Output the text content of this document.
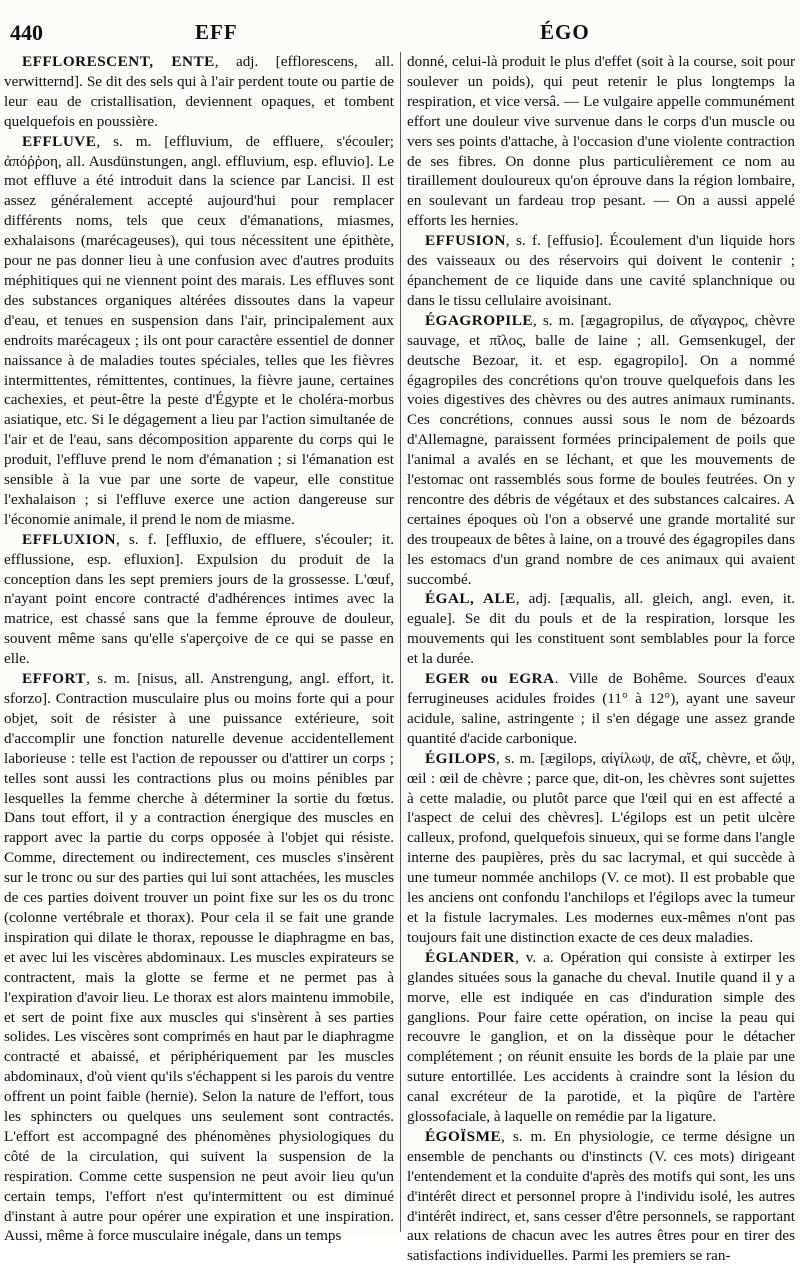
440	EFF	ÉGO

EFFLORESCENT, ENTE, adj. [efflorescens, all. verwitternd]. Se dit des sels qui à l'air perdent toute ou partie de leur eau de cristallisation, deviennent opaques, et tombent quelquefois en poussière.

EFFLUVE, s. m. [effluvium, de effluere, s'écouler; ἀπόῤῥοη, all. Ausdünstungen, angl. effluvium, esp. efluvio]. Le mot effluve a été introduit dans la science par Lancisi. Il est assez généralement accepté aujourd'hui pour remplacer différents noms, tels que ceux d'émanations, miasmes, exhalaisons (marécageuses), qui tous nécessitent une épithète, pour ne pas donner lieu à une confusion avec d'autres produits méphitiques qui ne viennent point des marais. Les effluves sont des substances organiques altérées dissoutes dans la vapeur d'eau, et tenues en suspension dans l'air, principalement aux endroits marécageux ; ils ont pour caractère essentiel de donner naissance à de maladies toutes spéciales, telles que les fièvres intermittentes, rémittentes, continues, la fièvre jaune, certaines cachexies, et peut-être la peste d'Égypte et le choléra-morbus asiatique, etc. Si le dégagement a lieu par l'action simultanée de l'air et de l'eau, sans décomposition apparente du corps qui le produit, l'effluve prend le nom d'émanation ; si l'émanation est sensible à la vue par une sorte de vapeur, elle constitue l'exhalaison ; si l'effluve exerce une action dangereuse sur l'économie animale, il prend le nom de miasme.

EFFLUXION, s. f. [effluxio, de effluere, s'écouler; it. efflussione, esp. efluxion]. Expulsion du produit de la conception dans les sept premiers jours de la grossesse. L'œuf, n'ayant point encore contracté d'adhérences intimes avec la matrice, est chassé sans que la femme éprouve de douleur, souvent même sans qu'elle s'aperçoive de ce qui se passe en elle.

EFFORT, s. m. [nisus, all. Anstrengung, angl. effort, it. sforzo]. Contraction musculaire plus ou moins forte qui a pour objet, soit de résister à une puissance extérieure, soit d'accomplir une fonction naturelle devenue accidentellement laborieuse : telle est l'action de repousser ou d'attirer un corps ; telles sont aussi les contractions plus ou moins pénibles par lesquelles la femme cherche à déterminer la sortie du fœtus. Dans tout effort, il y a contraction énergique des muscles en rapport avec la partie du corps opposée à l'objet qui résiste. Comme, directement ou indirectement, ces muscles s'insèrent sur le tronc ou sur des parties qui lui sont attachées, les muscles de ces parties doivent trouver un point fixe sur les os du tronc (colonne vertébrale et thorax). Pour cela il se fait une grande inspiration qui dilate le thorax, repousse le diaphragme en bas, et avec lui les viscères abdominaux. Les muscles expirateurs se contractent, mais la glotte se ferme et ne permet pas à l'expiration d'avoir lieu. Le thorax est alors maintenu immobile, et sert de point fixe aux muscles qui s'insèrent à ses parties solides. Les viscères sont comprimés en haut par le diaphragme contracté et abaissé, et périphériquement par les muscles abdominaux, d'où vient qu'ils s'échappent si les parois du ventre offrent un point faible (hernie). Selon la nature de l'effort, tous les sphincters ou quelques uns seulement sont contractés. L'effort est accompagné des phénomènes physiologiques du côté de la circulation, qui suivent la suspension de la respiration. Comme cette suspension ne peut avoir lieu qu'un certain temps, l'effort n'est qu'intermittent ou est diminué d'instant à autre pour opérer une expiration et une inspiration. Aussi, même à force musculaire inégale, dans un temps

donné, celui-là produit le plus d'effet (soit à la course, soit pour soulever un poids), qui peut retenir le plus longtemps la respiration, et vice versâ. — Le vulgaire appelle communément effort une douleur vive survenue dans le corps d'un muscle ou vers ses points d'attache, à l'occasion d'une violente contraction de ses fibres. On donne plus particulièrement ce nom au tiraillement douloureux qu'on éprouve dans la région lombaire, en soulevant un fardeau trop pesant. — On a aussi appelé efforts les hernies.

EFFUSION, s. f. [effusio]. Écoulement d'un liquide hors des vaisseaux ou des réservoirs qui doivent le contenir ; épanchement de ce liquide dans une cavité splanchnique ou dans le tissu cellulaire avoisinant.

ÉGAGROPILE, s. m. [ægagropilus, de αἴγαγρος, chèvre sauvage, et πῖλος, balle de laine ; all. Gemsenkugel, der deutsche Bezoar, it. et esp. egagropilo]. On a nommé égagropiles des concrétions qu'on trouve quelquefois dans les voies digestives des chèvres ou des autres animaux ruminants. Ces concrétions, connues aussi sous le nom de bézoards d'Allemagne, paraissent formées principalement de poils que l'animal a avalés en se léchant, et que les mouvements de l'estomac ont rassemblés sous forme de boules feutrées. On y rencontre des débris de végétaux et des substances calcaires. A certaines époques où l'on a observé une grande mortalité sur des troupeaux de bêtes à laine, on a trouvé des égagropiles dans les estomacs d'un grand nombre de ces animaux qui avaient succombé.

ÉGAL, ALE, adj. [æqualis, all. gleich, angl. even, it. eguale]. Se dit du pouls et de la respiration, lorsque les mouvements qui les constituent sont semblables pour la force et la durée.

EGER ou EGRA. Ville de Bohême. Sources d'eaux ferrugineuses acidules froides (11° à 12°), ayant une saveur acidule, saline, astringente ; il s'en dégage une assez grande quantité d'acide carbonique.

ÉGILOPS, s. m. [ægilops, αἰγίλωψ, de αἴξ, chèvre, et ὤψ, œil : œil de chèvre ; parce que, dit-on, les chèvres sont sujettes à cette maladie, ou plutôt parce que l'œil qui en est affecté a l'aspect de celui des chèvres]. L'égilops est un petit ulcère calleux, profond, quelquefois sinueux, qui se forme dans l'angle interne des paupières, près du sac lacrymal, et qui succède à une tumeur nommée anchilops (V. ce mot). Il est probable que les anciens ont confondu l'anchilops et l'égilops avec la tumeur et la fistule lacrymales. Les modernes eux-mêmes n'ont pas toujours fait une distinction exacte de ces deux maladies.

ÉGLANDER, v. a. Opération qui consiste à extirper les glandes situées sous la ganache du cheval. Inutile quand il y a morve, elle est indiquée en cas d'induration simple des ganglions. Pour faire cette opération, on incise la peau qui recouvre le ganglion, et on la dissèque pour le détacher complétement ; on réunit ensuite les bords de la plaie par une suture entortillée. Les accidents à craindre sont la lésion du canal excréteur de la parotide, et la piqûre de l'artère glossofaciale, à laquelle on remédie par la ligature.

ÉGOÏSME, s. m. En physiologie, ce terme désigne un ensemble de penchants ou d'instincts (V. ces mots) dirigeant l'entendement et la conduite d'après des motifs qui sont, les uns d'intérêt direct et personnel propre à l'individu isolé, les autres d'intérêt indirect, et, sans cesser d'être personnels, se rapportant aux relations de chacun avec les autres êtres pour en tirer des satisfactions individuelles. Parmi les premiers se ran-
